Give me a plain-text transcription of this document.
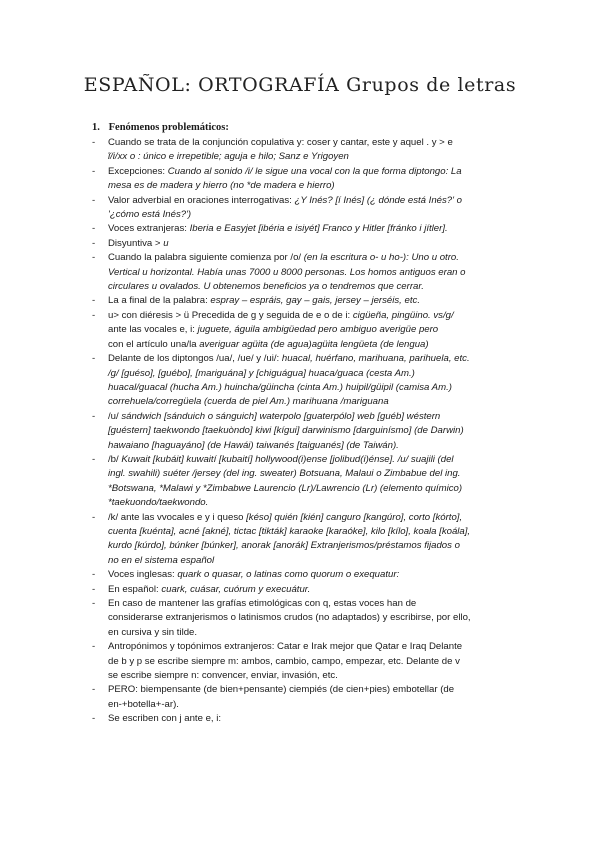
ESPAÑOL: ORTOGRAFÍA Grupos de letras
1. Fenómenos problemáticos:
- Cuando se trata de la conjunción copulativa y: coser y cantar, este y aquel . y > e
ĩ/i/xx o : único e irrepetible; aguja e hilo; Sanz e Yrigoyen
- Excepciones: Cuando al sonido /i/ le sigue una vocal con la que forma diptongo: La
mesa es de madera y hierro (no *de madera e hierro)
- Valor adverbial en oraciones interrogativas: ¿Y Inés? [í Inés] (¿ dónde está Inés?' o
'¿cómo está Inés?')
- Voces extranjeras: Iberia e Easyjet [ibéria e isiyét] Franco y Hitler [fránko i jítler].
- Disyuntiva > u
- Cuando la palabra siguiente comienza por /o/ (en la escritura o- u ho-): Uno u otro.
Vertical u horizontal. Había unas 7000 u 8000 personas. Los homos antiguos eran o
circulares u ovalados. U obtenemos beneficios ya o tendremos que cerrar.
- La a final de la palabra: espray – espráis, gay – gais, jersey – jerséis, etc.
- u> con diéresis > ü Precedida de g y seguida de e o de i: cigüeña, pingüino. vs/g/
ante las vocales e, i: juguete, águila ambigüedad pero ambiguo averigüe pero
con el artículo una/la averiguar agüita (de agua)agüita lengüeta (de lengua)
- Delante de los diptongos /ua/, /ue/ y /ui/: huacal, huérfano, marihuana, parihuela, etc.
/g/ [guéso], [guébo], [mariguána] y [chiguágua] huaca/guaca (cesta Am.)
huacal/guacal (hucha Am.) huincha/güincha (cinta Am.) huipil/güipil (camisa Am.)
correhuela/corregüela (cuerda de piel Am.) marihuana /mariguana
- /u/ sándwich [sánduich o sánguich] waterpolo [guaterpólo] web [guéb] wéstern
[guéstern] taekwondo [taekuòndo] kiwi [kígui] darwinismo [darguinísmo] (de Darwin)
hawaiano [haguayáno] (de Hawái) taiwanés [taiguanés] (de Taiwán).
- /b/ Kuwait [kubáit] kuwaití [kubaití] hollywood(i)ense [jolibud(i)énse]. /u/ suajili (del
ingl. swahili) suéter /jersey (del ing. sweater) Botsuana, Malaui o Zimbabue del ing.
*Botswana, *Malawi y *Zimbabwe Laurencio (Lr)/Lawrencio (Lr) (elemento químico)
*taekuondo/taekwondo.
- /k/ ante las vvocales e y i queso [késo] quién [kién] canguro [kangúro], corto [kórto],
cuenta [kuénta], acné [akné], tictac [tikták] karaoke [karaóke], kilo [kílo], koala [koála],
kurdo [kúrdo], búnker [búnker], anorak [anorák] Extranjerismos/préstamos fijados o
no en el sistema español
- Voces inglesas: quark o quasar, o latinas como quorum o exequatur:
- En español: cuark, cuásar, cuórum y execuátur.
- En caso de mantener las grafías etimológicas con q, estas voces han de
considerarse extranjerismos o latinismos crudos (no adaptados) y escribirse, por ello,
en cursiva y sin tilde.
- Antropónimos y topónimos extranjeros: Catar e Irak mejor que Qatar e Iraq Delante
de b y p se escribe siempre m: ambos, cambio, campo, empezar, etc. Delante de v
se escribe siempre n: convencer, enviar, invasión, etc.
- PERO: biempensante (de bien+pensante) ciempiés (de cien+pies) embotellar (de
en-+botella+-ar).
- Se escriben con j ante e, i:
